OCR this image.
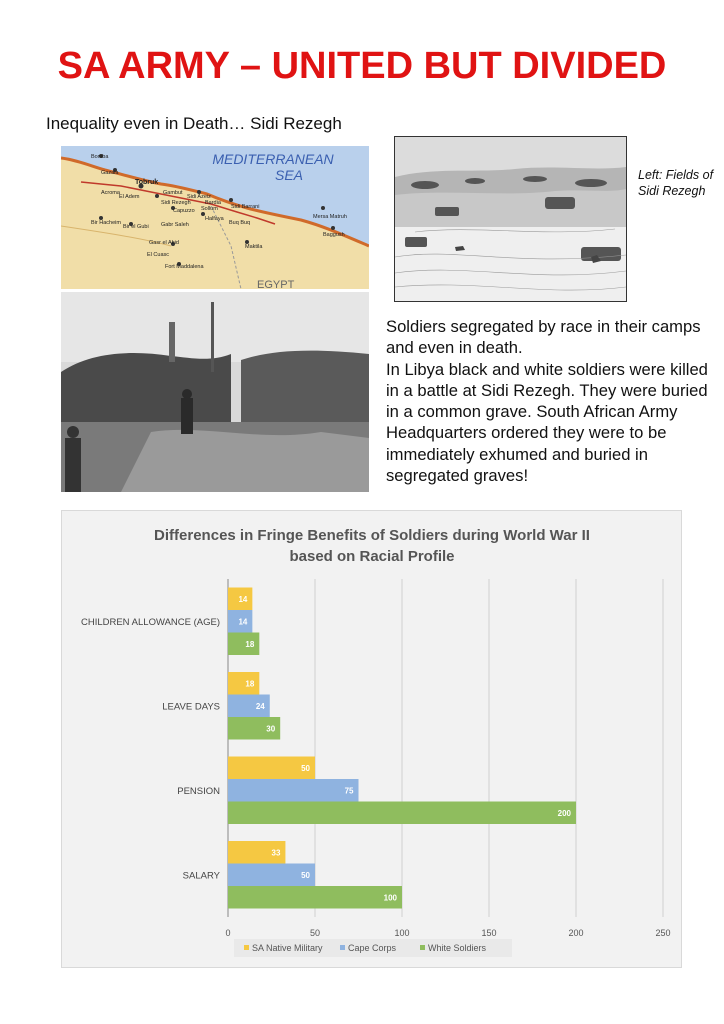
SA ARMY – UNITED BUT DIVIDED
Inequality even in Death… Sidi Rezegh
MEDITERRANEAN
SEA
Bomba
Gazala
Tobruk
Acroma
El Adem
Gambut
Sidi Azeiz
Bardia
Sidi Rezegh
Capuzzo Sollum
Halfaya
Buq Buq
Sidi Barrani
Mersa Matruh
Baggush
Bir Hacheim
Bir el Gubi Gabr Saleh
Gasr el Abid
El Cuasc
Fort Maddalena
Maktila
EGYPT
Left: Fields of Sidi Rezegh
Soldiers segregated by race in their camps and even in death.
In Libya black and white soldiers were killed in a battle at Sidi Rezegh. They were buried in a common grave. South African Army Headquarters ordered they were to be immediately exhumed and buried in segregated graves!
Differences in Fringe Benefits of Soldiers during World War II
based on Racial Profile
14
14
18
18
24
30
50
75
200
33
50
100
CHILDREN ALLOWANCE (AGE)
LEAVE DAYS
PENSION
SALARY
0	50	100	150	200	250
SA Native Military	Cape Corps	White Soldiers
